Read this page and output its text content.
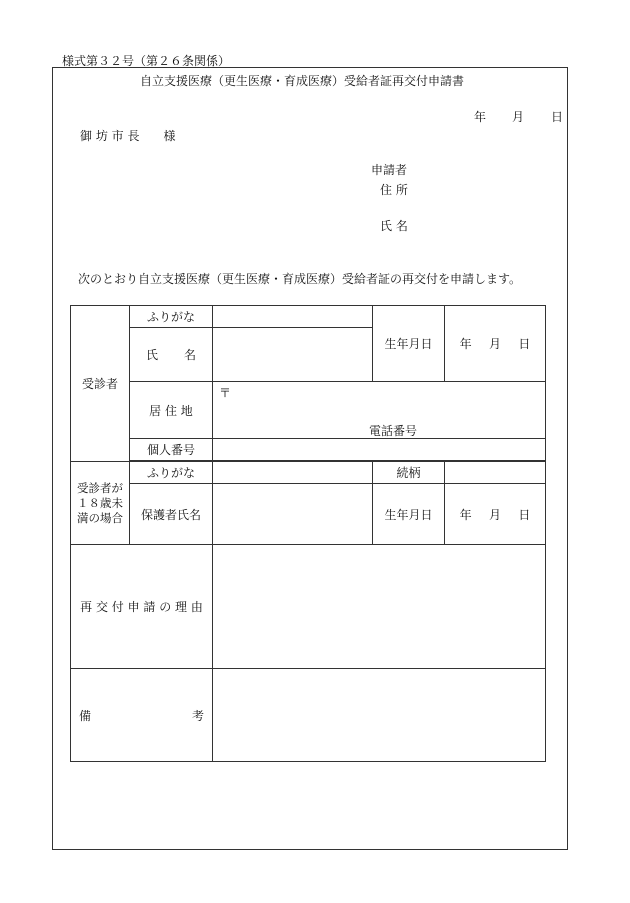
様式第３２号（第２６条関係）
自立支援医療（更生医療・育成医療）受給者証再交付申請書
年 月 日
御 坊 市 長　　様
申請者
住 所
氏 名
次のとおり自立支援医療（更生医療・育成医療）受給者証の再交付を申請します。
受診者	ふりがな		生年月日	年 月 日

	氏 名			

	居 住 地	〒
電話番号		

	個人番号			

受診者が
１８歳未
満の場合	ふりがな		続柄	
	保護者氏名		生年月日	年 月 日

再 交 付 申 請 の 理 由				

備 考				
